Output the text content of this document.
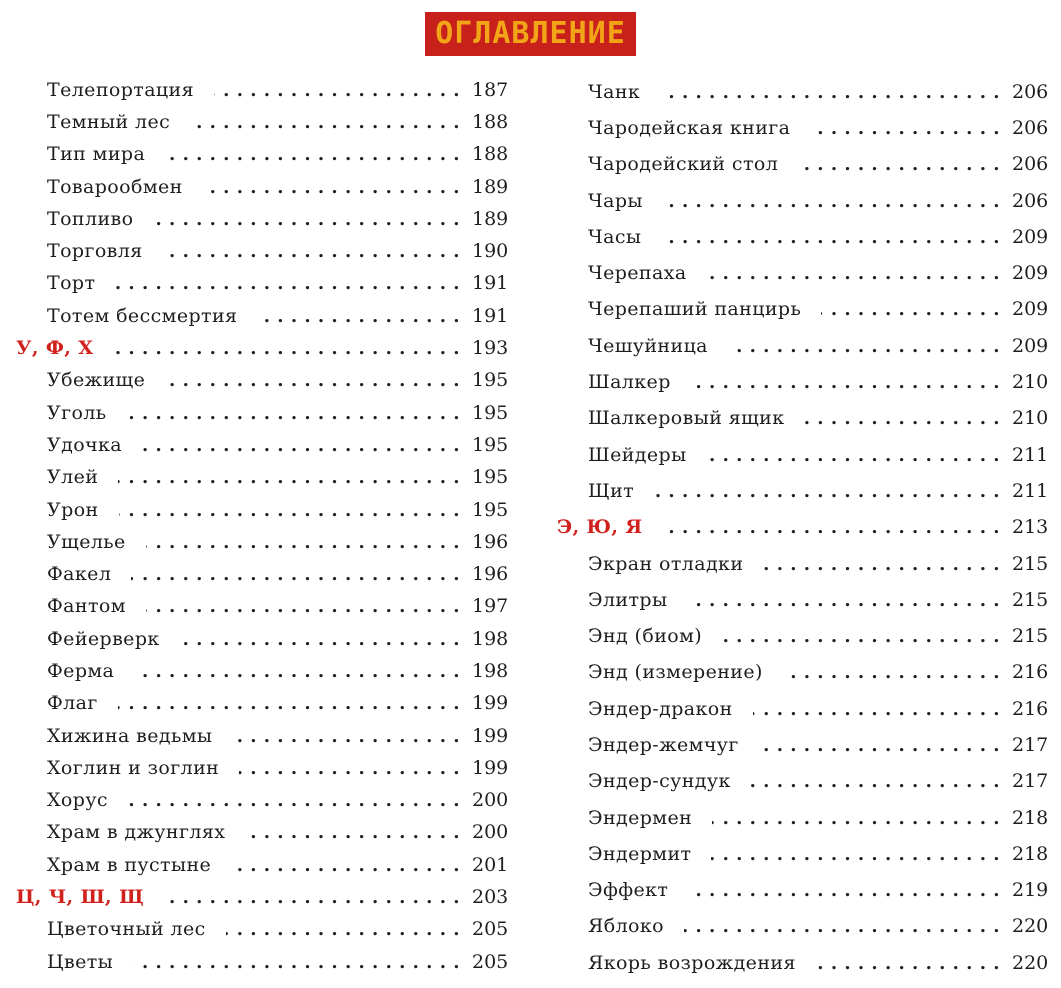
ОГЛАВЛЕНИЕ
Телепортация . . .	187
Темный лес . . .	188
Тип мира . . .	188
Товарообмен . . .	189
Топливо . . .	189
Торговля . . .	190
Торт . . .	191
Тотем бессмертия . . .	191
У, Ф, Х . . .	193
Убежище . . .	195
Уголь . . .	195
Удочка . . .	195
Улей . . .	195
Урон . . .	195
Ущелье . . .	196
Факел . . .	196
Фантом . . .	197
Фейерверк . . .	198
Ферма . . .	198
Флаг . . .	199
Хижина ведьмы . . .	199
Хоглин и зоглин . . .	199
Хорус . . .	200
Храм в джунглях . . .	200
Храм в пустыне . . .	201
Ц, Ч, Ш, Щ . . .	203
Цветочный лес . . .	205
Цветы . . .	205
Чанк . . .	206
Чародейская книга . . .	206
Чародейский стол . . .	206
Чары . . .	206
Часы . . .	209
Черепаха . . .	209
Черепаший панцирь . . .	209
Чешуйница . . .	209
Шалкер . . .	210
Шалкеровый ящик . . .	210
Шейдеры . . .	211
Щит . . .	211
Э, Ю, Я . . .	213
Экран отладки . . .	215
Элитры . . .	215
Энд (биом) . . .	215
Энд (измерение) . . .	216
Эндер-дракон . . .	216
Эндер-жемчуг . . .	217
Эндер-сундук . . .	217
Эндермен . . .	218
Эндермит . . .	218
Эффект . . .	219
Яблоко . . .	220
Якорь возрождения . . .	220
